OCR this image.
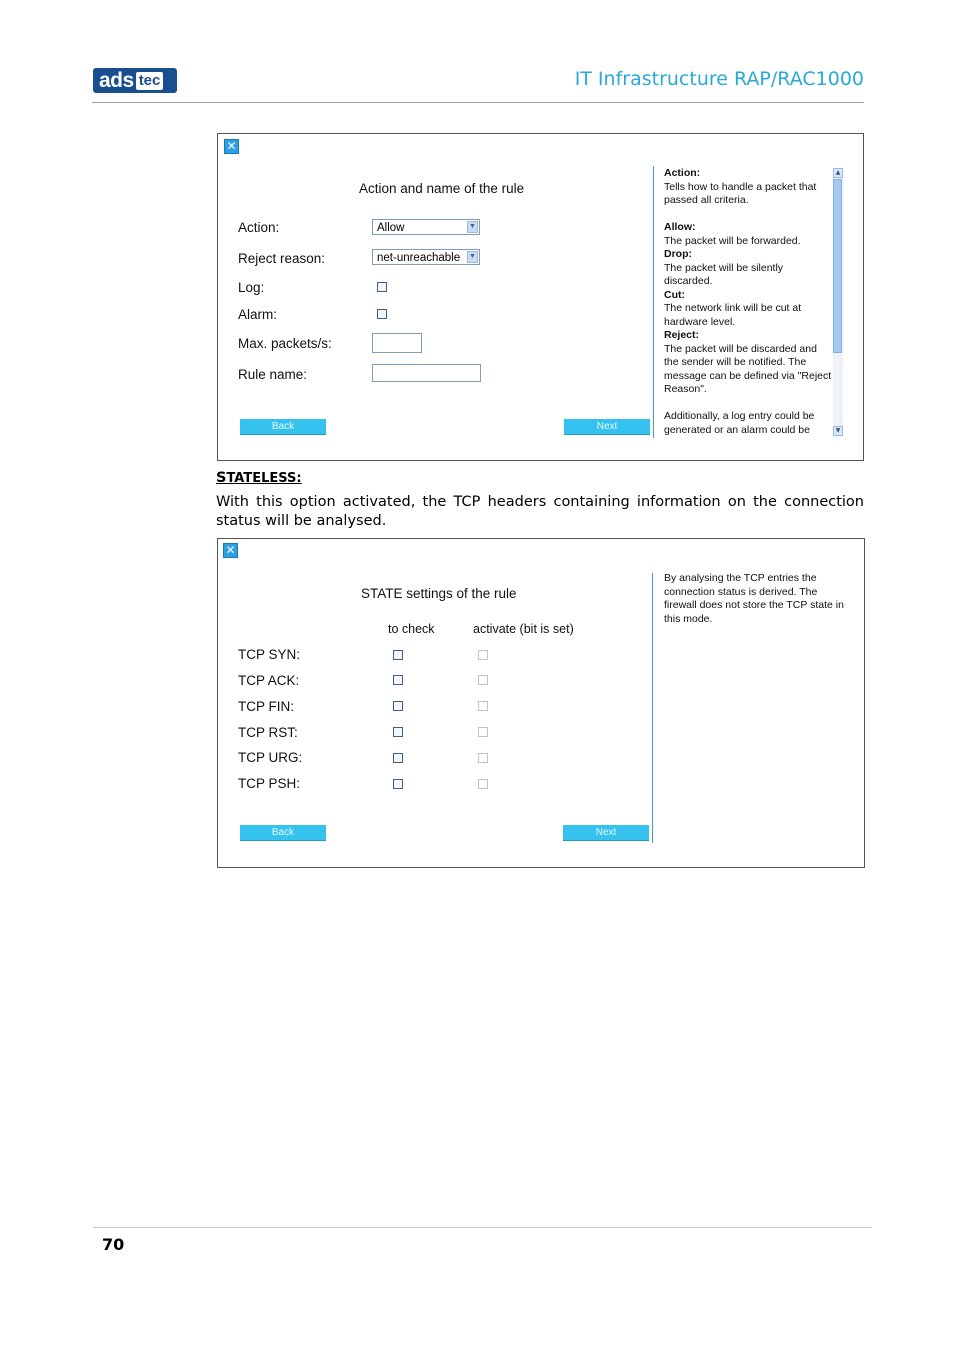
ads tec	IT Infrastructure RAP/RAC1000
✕
Action and name of the rule
Action:	Allow	▼
Reject reason:	net-unreachable ▼
Log:
Alarm:
Max. packets/s:
Rule name:
Back	Next
Action:
Tells how to handle a packet that passed all criteria.
Allow:
The packet will be forwarded.
Drop:
The packet will be silently discarded.
Cut:
The network link will be cut at hardware level.
Reject:
The packet will be discarded and the sender will be notified. The message can be defined via "Reject Reason".
Additionally, a log entry could be generated or an alarm could be
▲
▼
STATELESS:
With this option activated, the TCP headers containing information on the connection status will be analysed.
✕
STATE settings of the rule
to check	activate (bit is set)
TCP SYN:
TCP ACK:
TCP FIN:
TCP RST:
TCP URG:
TCP PSH:
Back	Next
By analysing the TCP entries the connection status is derived. The firewall does not store the TCP state in this mode.
70
